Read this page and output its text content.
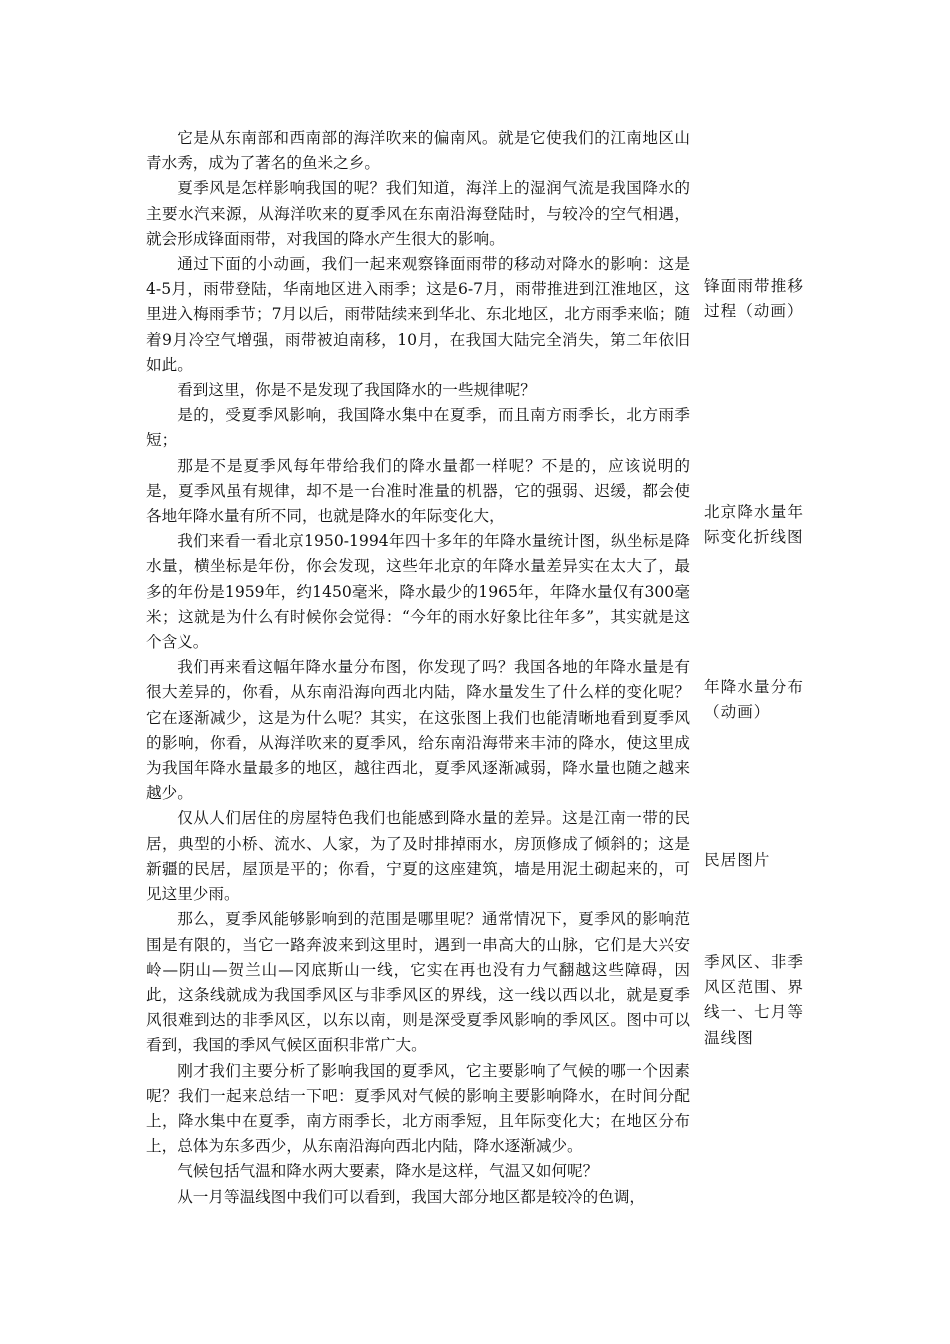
它是从东南部和西南部的海洋吹来的偏南风。就是它使我们的江南地区山青水秀，成为了著名的鱼米之乡。

夏季风是怎样影响我国的呢？我们知道，海洋上的湿润气流是我国降水的主要水汽来源，从海洋吹来的夏季风在东南沿海登陆时，与较冷的空气相遇，就会形成锋面雨带，对我国的降水产生很大的影响。

通过下面的小动画，我们一起来观察锋面雨带的移动对降水的影响：这是4-5月，雨带登陆，华南地区进入雨季；这是6-7月，雨带推进到江淮地区，这里进入梅雨季节；7月以后，雨带陆续来到华北、东北地区，北方雨季来临；随着9月冷空气增强，雨带被迫南移，10月，在我国大陆完全消失，第二年依旧如此。

看到这里，你是不是发现了我国降水的一些规律呢？

是的，受夏季风影响，我国降水集中在夏季，而且南方雨季长，北方雨季短；

那是不是夏季风每年带给我们的降水量都一样呢？不是的，应该说明的是，夏季风虽有规律，却不是一台准时准量的机器，它的强弱、迟缓，都会使各地年降水量有所不同，也就是降水的年际变化大，

我们来看一看北京1950-1994年四十多年的年降水量统计图，纵坐标是降水量，横坐标是年份，你会发现，这些年北京的年降水量差异实在太大了，最多的年份是1959年，约1450毫米，降水最少的1965年，年降水量仅有300毫米；这就是为什么有时候你会觉得：“今年的雨水好象比往年多”，其实就是这个含义。

我们再来看这幅年降水量分布图，你发现了吗？我国各地的年降水量是有很大差异的，你看，从东南沿海向西北内陆，降水量发生了什么样的变化呢？它在逐渐减少，这是为什么呢？其实，在这张图上我们也能清晰地看到夏季风的影响，你看，从海洋吹来的夏季风，给东南沿海带来丰沛的降水，使这里成为我国年降水量最多的地区，越往西北，夏季风逐渐减弱，降水量也随之越来越少。

仅从人们居住的房屋特色我们也能感到降水量的差异。这是江南一带的民居，典型的小桥、流水、人家，为了及时排掉雨水，房顶修成了倾斜的；这是新疆的民居，屋顶是平的；你看，宁夏的这座建筑，墙是用泥土砌起来的，可见这里少雨。

那么，夏季风能够影响到的范围是哪里呢？通常情况下，夏季风的影响范围是有限的，当它一路奔波来到这里时，遇到一串高大的山脉，它们是大兴安岭—阴山—贺兰山—冈底斯山一线，它实在再也没有力气翻越这些障碍，因此，这条线就成为我国季风区与非季风区的界线，这一线以西以北，就是夏季风很难到达的非季风区，以东以南，则是深受夏季风影响的季风区。图中可以看到，我国的季风气候区面积非常广大。

刚才我们主要分析了影响我国的夏季风，它主要影响了气候的哪一个因素呢？我们一起来总结一下吧：夏季风对气候的影响主要影响降水，在时间分配上，降水集中在夏季，南方雨季长，北方雨季短，且年际变化大；在地区分布上，总体为东多西少，从东南沿海向西北内陆，降水逐渐减少。

气候包括气温和降水两大要素，降水是这样，气温又如何呢？

从一月等温线图中我们可以看到，我国大部分地区都是较冷的色调，

锋面雨带推移过程（动画）
北京降水量年际变化折线图
年降水量分布（动画）
民居图片
季风区、非季风区范围、界线一、七月等温线图
